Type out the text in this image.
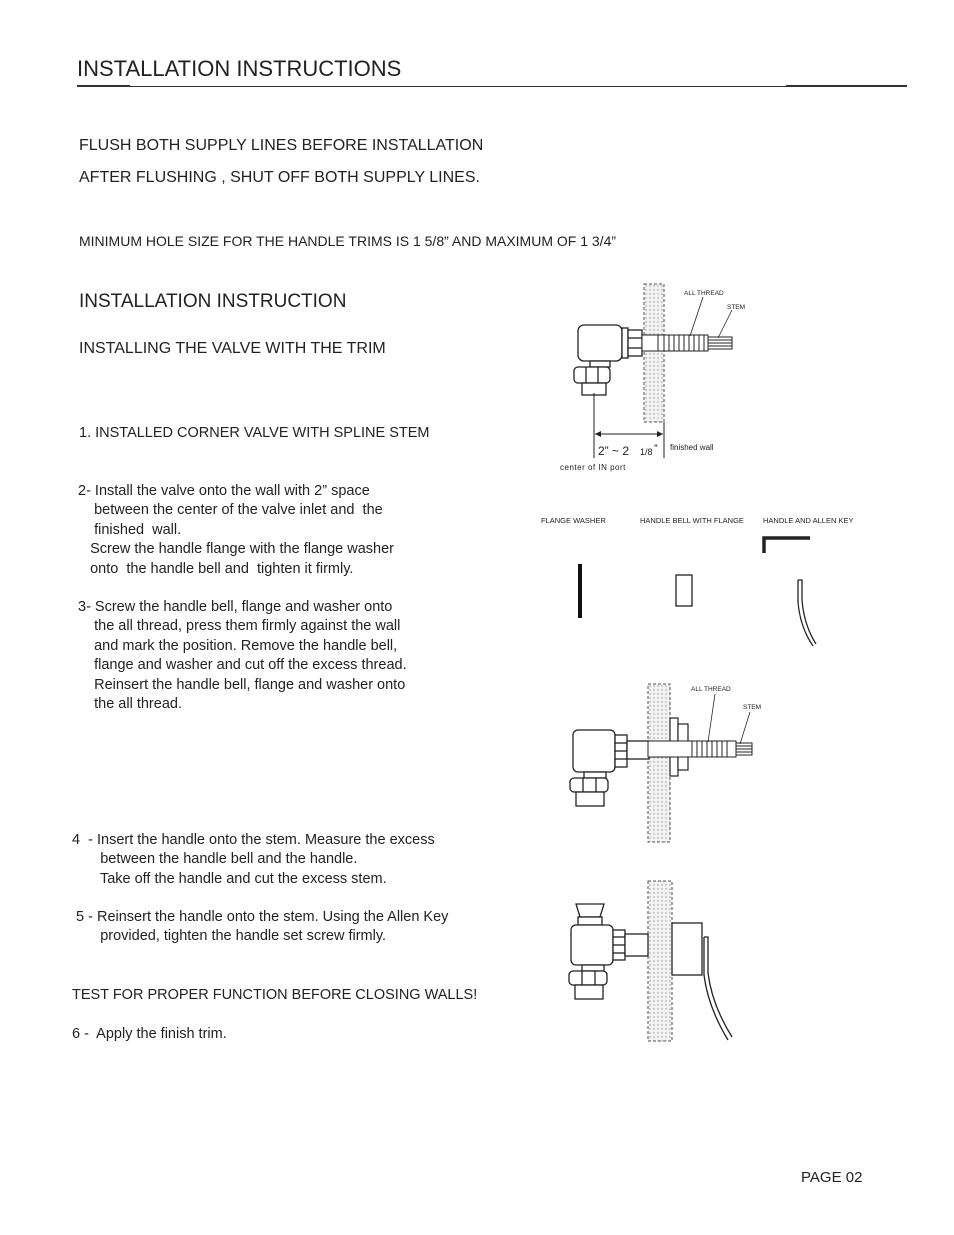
INSTALLATION INSTRUCTIONS
FLUSH BOTH SUPPLY LINES BEFORE INSTALLATION
AFTER FLUSHING , SHUT OFF BOTH SUPPLY LINES.
MINIMUM HOLE SIZE FOR THE HANDLE TRIMS IS 1 5/8” AND MAXIMUM OF 1 3/4”
INSTALLATION INSTRUCTION
INSTALLING THE VALVE WITH THE TRIM
1. INSTALLED CORNER VALVE WITH SPLINE STEM
2- Install the valve onto the wall with 2” space
between the center of the valve inlet and  the
finished  wall.
Screw the handle flange with the flange washer
onto  the handle bell and  tighten it firmly.
3- Screw the handle bell, flange and washer onto
the all thread, press them firmly against the wall
and mark the position. Remove the handle bell,
flange and washer and cut off the excess thread.
Reinsert the handle bell, flange and washer onto
the all thread.
4  - Insert the handle onto the stem. Measure the excess
between the handle bell and the handle.
Take off the handle and cut the excess stem.
5 - Reinsert the handle onto the stem. Using the Allen Key
provided, tighten the handle set screw firmly.
TEST FOR PROPER FUNCTION BEFORE CLOSING WALLS!
6 -  Apply the finish trim.
ALL THREAD
STEM
2” ~ 2 1/8 ” finished wall
center of IN port
FLANGE WASHER	HANDLE BELL WITH FLANGE	HANDLE AND ALLEN KEY
ALL THREAD
STEM
PAGE 02
